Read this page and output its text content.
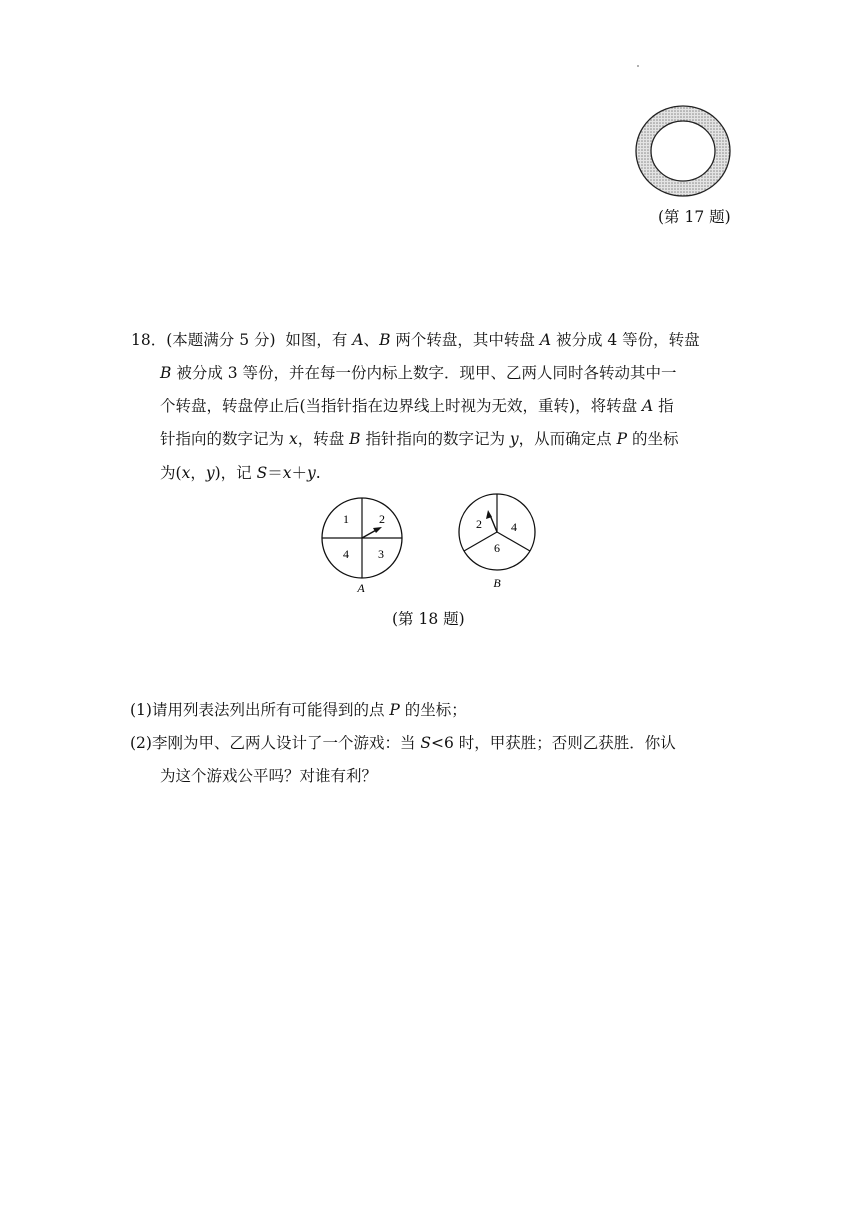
(第 17 题)
18．(本题满分 5 分) 如图，有 A、B 两个转盘，其中转盘 A 被分成 4 等份，转盘
B 被分成 3 等份，并在每一份内标上数字．现甲、乙两人同时各转动其中一
个转盘，转盘停止后(当指针指在边界线上时视为无效，重转)，将转盘 A 指
针指向的数字记为 x，转盘 B 指针指向的数字记为 y，从而确定点 P 的坐标
为(x，y)，记 S＝x＋y.
1	2
3
4
A
2 4
6
B
(第 18 题)
(1)请用列表法列出所有可能得到的点 P 的坐标；
(2)李刚为甲、乙两人设计了一个游戏：当 S<6 时，甲获胜；否则乙获胜．你认
为这个游戏公平吗？对谁有利？
